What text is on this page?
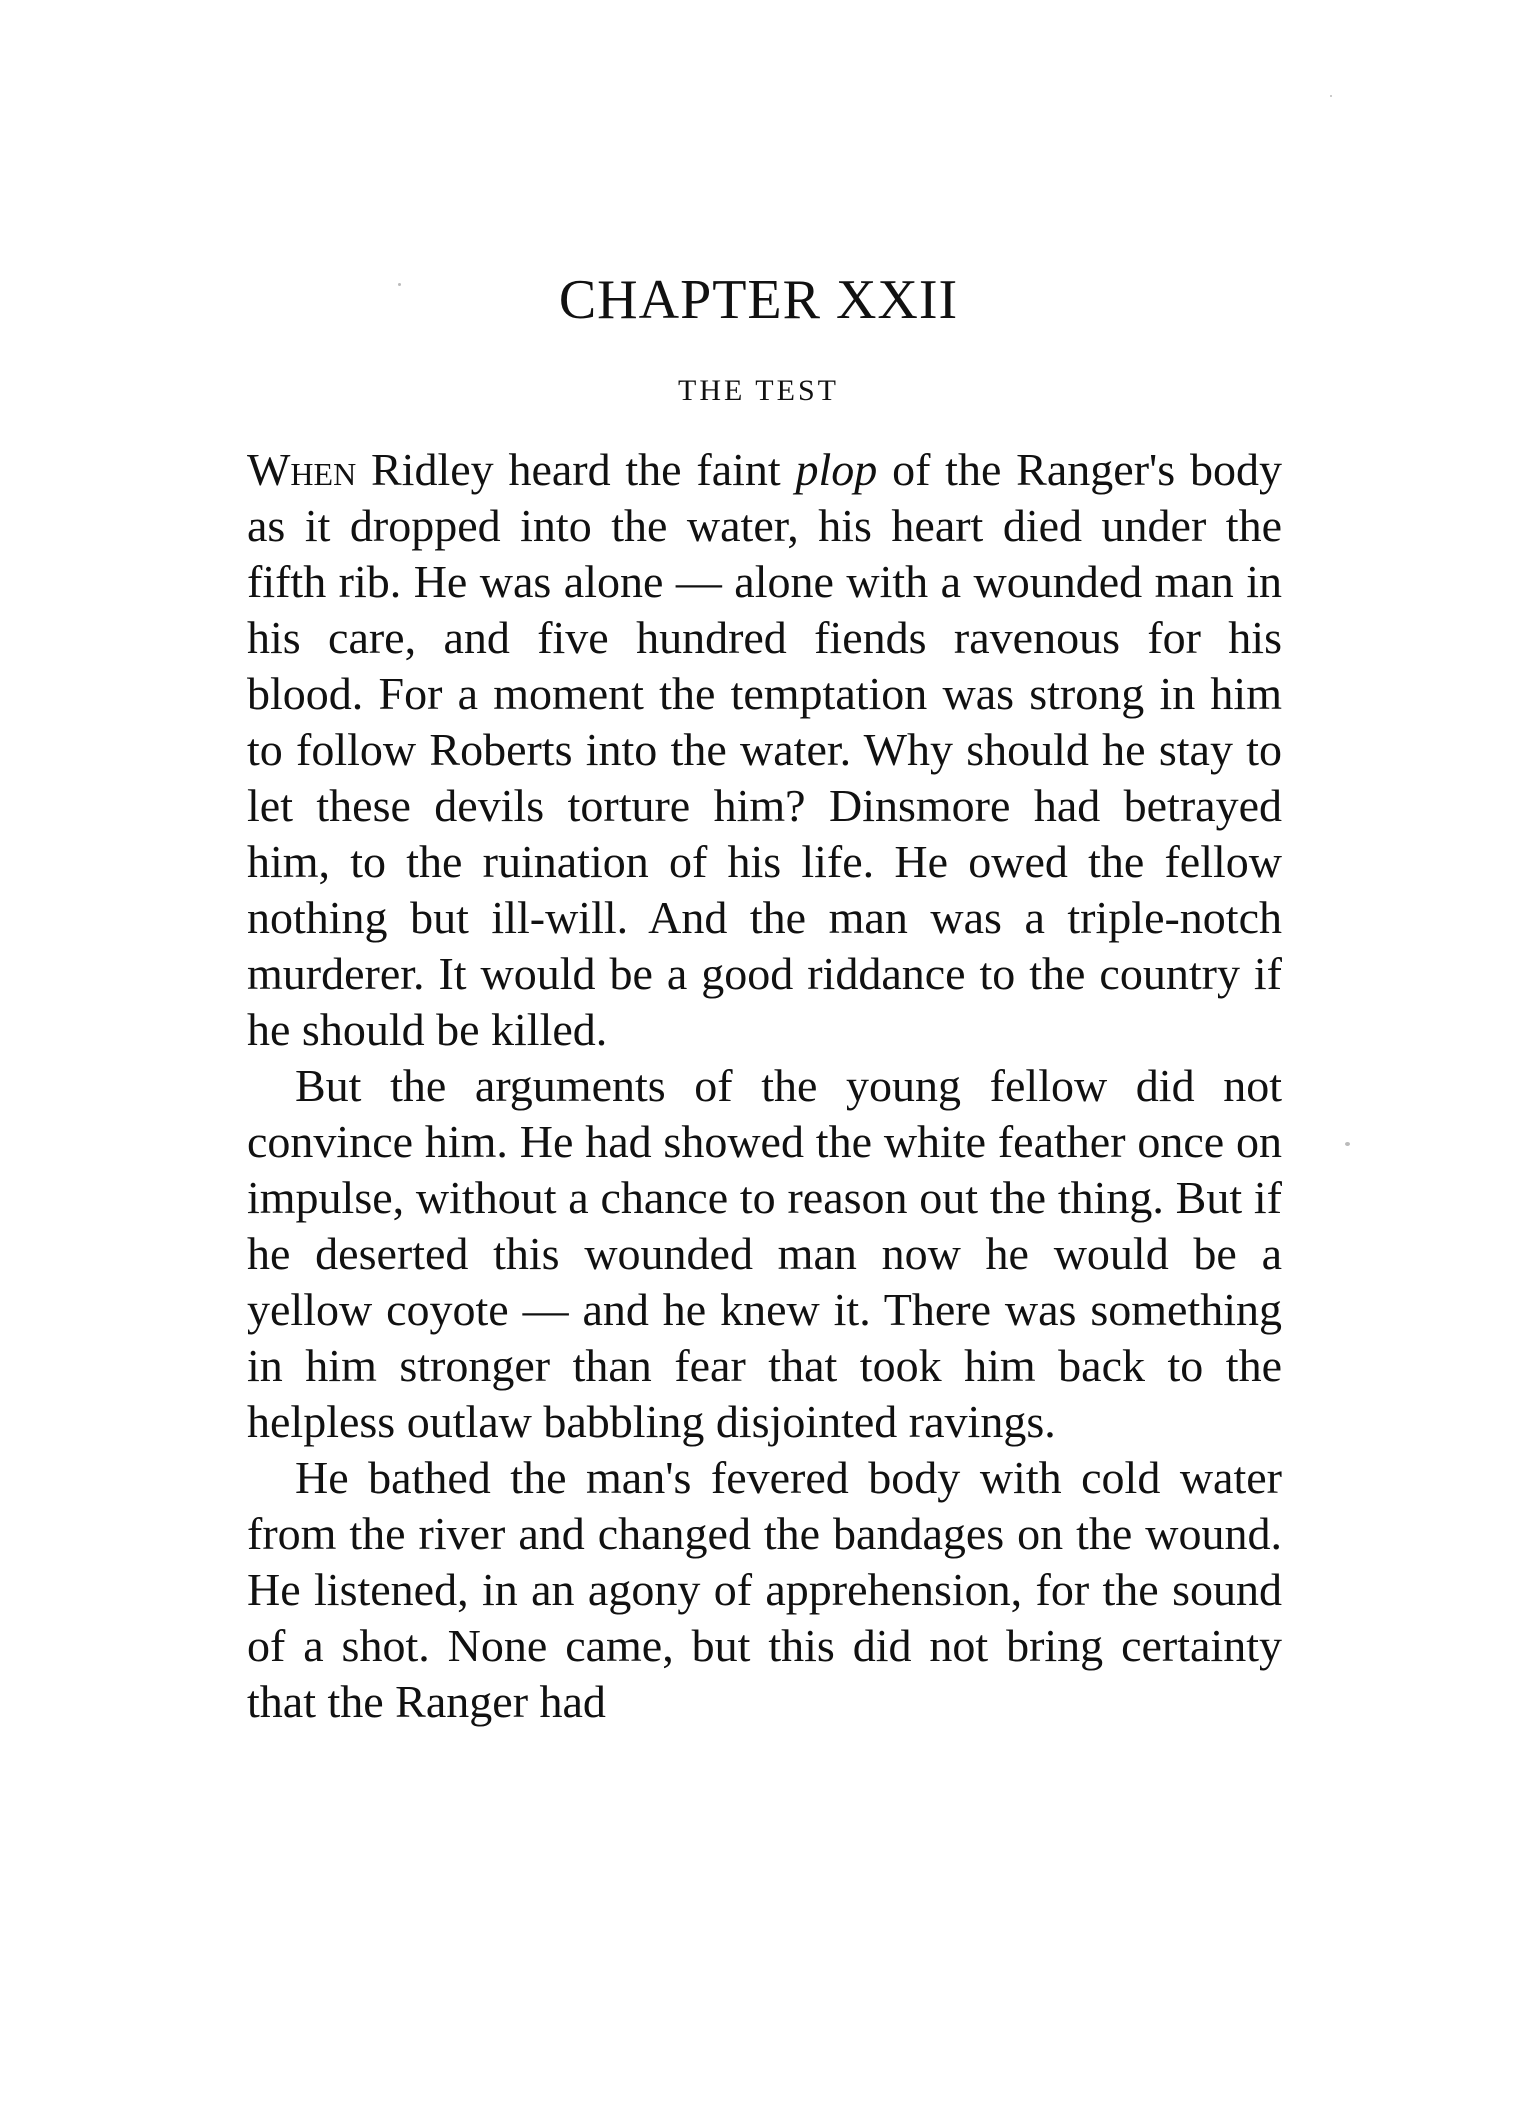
CHAPTER XXII
THE TEST

When Ridley heard the faint plop of the Ranger's body as it dropped into the water, his heart died under the fifth rib. He was alone — alone with a wounded man in his care, and five hundred fiends ravenous for his blood. For a moment the temptation was strong in him to follow Roberts into the water. Why should he stay to let these devils torture him? Dinsmore had betrayed him, to the ruination of his life. He owed the fellow nothing but ill-will. And the man was a triple-notch murderer. It would be a good riddance to the country if he should be killed.

But the arguments of the young fellow did not convince him. He had showed the white feather once on impulse, without a chance to reason out the thing. But if he deserted this wounded man now he would be a yellow coyote — and he knew it. There was something in him stronger than fear that took him back to the helpless outlaw babbling disjointed ravings.

He bathed the man's fevered body with cold water from the river and changed the bandages on the wound. He listened, in an agony of apprehension, for the sound of a shot. None came, but this did not bring certainty that the Ranger had
